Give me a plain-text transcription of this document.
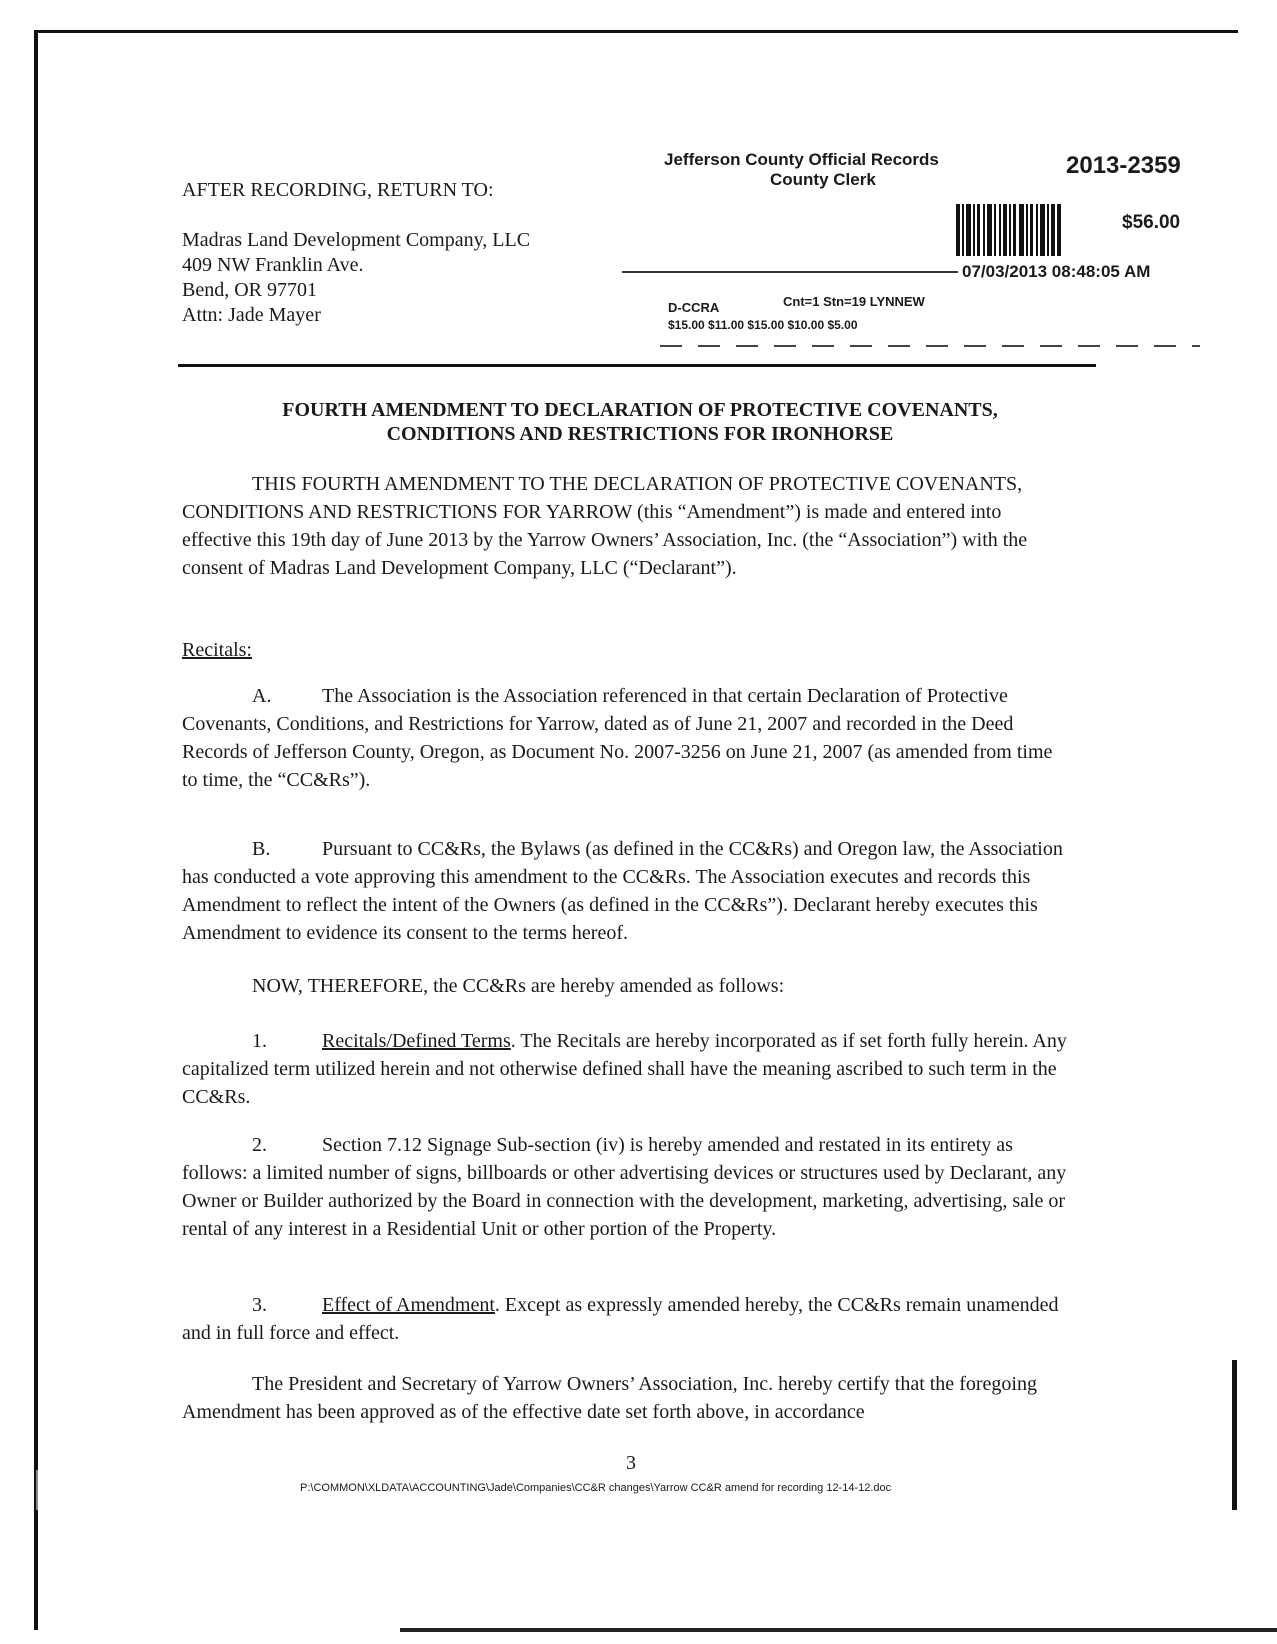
AFTER RECORDING, RETURN TO:
Madras Land Development Company, LLC
409 NW Franklin Ave.
Bend, OR 97701
Attn: Jade Mayer
Jefferson County Official Records
County Clerk
2013-2359
$56.00
07/03/2013 08:48:05 AM
D-CCRA	Cnt=1 Stn=19 LYNNEW
$15.00 $11.00 $15.00 $10.00 $5.00
FOURTH AMENDMENT TO DECLARATION OF PROTECTIVE COVENANTS,
CONDITIONS AND RESTRICTIONS FOR IRONHORSE
THIS FOURTH AMENDMENT TO THE DECLARATION OF PROTECTIVE COVENANTS, CONDITIONS AND RESTRICTIONS FOR YARROW (this “Amendment”) is made and entered into effective this 19th day of June 2013 by the Yarrow Owners’ Association, Inc. (the “Association”) with the consent of Madras Land Development Company, LLC (“Declarant”).
Recitals:
A.	The Association is the Association referenced in that certain Declaration of Protective Covenants, Conditions, and Restrictions for Yarrow, dated as of June 21, 2007 and recorded in the Deed Records of Jefferson County, Oregon, as Document No. 2007-3256 on June 21, 2007 (as amended from time to time, the “CC&Rs”).
B.	Pursuant to CC&Rs, the Bylaws (as defined in the CC&Rs) and Oregon law, the Association has conducted a vote approving this amendment to the CC&Rs. The Association executes and records this Amendment to reflect the intent of the Owners (as defined in the CC&Rs”). Declarant hereby executes this Amendment to evidence its consent to the terms hereof.
NOW, THEREFORE, the CC&Rs are hereby amended as follows:
1.	Recitals/Defined Terms. The Recitals are hereby incorporated as if set forth fully herein. Any capitalized term utilized herein and not otherwise defined shall have the meaning ascribed to such term in the CC&Rs.
2.	Section 7.12 Signage Sub-section (iv) is hereby amended and restated in its entirety as follows: a limited number of signs, billboards or other advertising devices or structures used by Declarant, any Owner or Builder authorized by the Board in connection with the development, marketing, advertising, sale or rental of any interest in a Residential Unit or other portion of the Property.
3.	Effect of Amendment. Except as expressly amended hereby, the CC&Rs remain unamended and in full force and effect.
The President and Secretary of Yarrow Owners’ Association, Inc. hereby certify that the foregoing Amendment has been approved as of the effective date set forth above, in accordance
3
P:\COMMON\XLDATA\ACCOUNTING\Jade\Companies\CC&R changes\Yarrow CC&R amend for recording 12-14-12.doc
